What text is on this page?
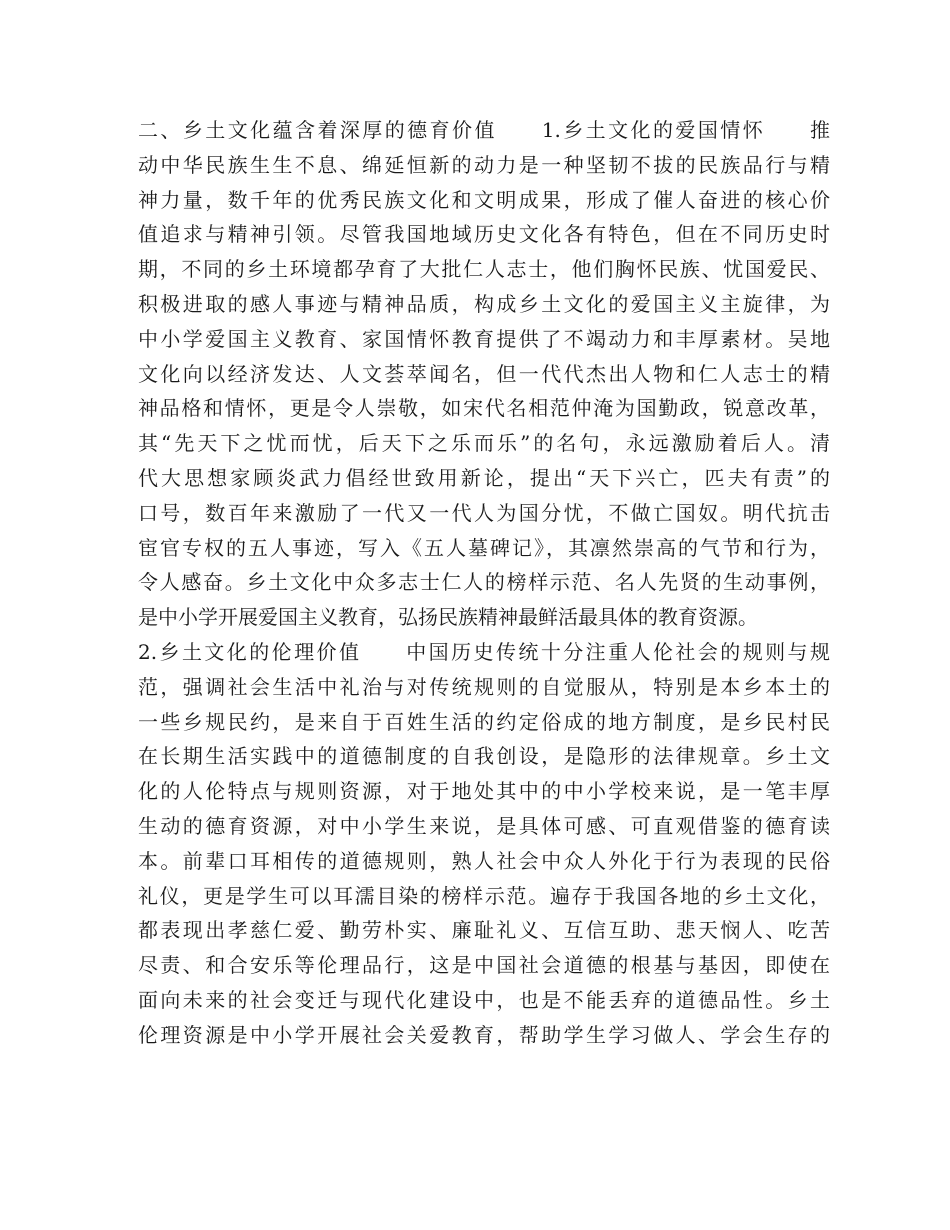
二、乡土文化蕴含着深厚的德育价值　　1.乡土文化的爱国情怀　　推
动中华民族生生不息、绵延恒新的动力是一种坚韧不拔的民族品行与精
神力量，数千年的优秀民族文化和文明成果，形成了催人奋进的核心价
值追求与精神引领。尽管我国地域历史文化各有特色，但在不同历史时
期，不同的乡土环境都孕育了大批仁人志士，他们胸怀民族、忧国爱民、
积极进取的感人事迹与精神品质，构成乡土文化的爱国主义主旋律，为
中小学爱国主义教育、家国情怀教育提供了不竭动力和丰厚素材。吴地
文化向以经济发达、人文荟萃闻名，但一代代杰出人物和仁人志士的精
神品格和情怀，更是令人崇敬，如宋代名相范仲淹为国勤政，锐意改革，
其“先天下之忧而忧，后天下之乐而乐”的名句，永远激励着后人。清
代大思想家顾炎武力倡经世致用新论，提出“天下兴亡，匹夫有责”的
口号，数百年来激励了一代又一代人为国分忧，不做亡国奴。明代抗击
宦官专权的五人事迹，写入《五人墓碑记》，其凛然崇高的气节和行为，
令人感奋。乡土文化中众多志士仁人的榜样示范、名人先贤的生动事例，
是中小学开展爱国主义教育，弘扬民族精神最鲜活最具体的教育资源。
2.乡土文化的伦理价值　　中国历史传统十分注重人伦社会的规则与规
范，强调社会生活中礼治与对传统规则的自觉服从，特别是本乡本土的
一些乡规民约，是来自于百姓生活的约定俗成的地方制度，是乡民村民
在长期生活实践中的道德制度的自我创设，是隐形的法律规章。乡土文
化的人伦特点与规则资源，对于地处其中的中小学校来说，是一笔丰厚
生动的德育资源，对中小学生来说，是具体可感、可直观借鉴的德育读
本。前辈口耳相传的道德规则，熟人社会中众人外化于行为表现的民俗
礼仪，更是学生可以耳濡目染的榜样示范。遍存于我国各地的乡土文化，
都表现出孝慈仁爱、勤劳朴实、廉耻礼义、互信互助、悲天悯人、吃苦
尽责、和合安乐等伦理品行，这是中国社会道德的根基与基因，即使在
面向未来的社会变迁与现代化建设中，也是不能丢弃的道德品性。乡土
伦理资源是中小学开展社会关爱教育，帮助学生学习做人、学会生存的
